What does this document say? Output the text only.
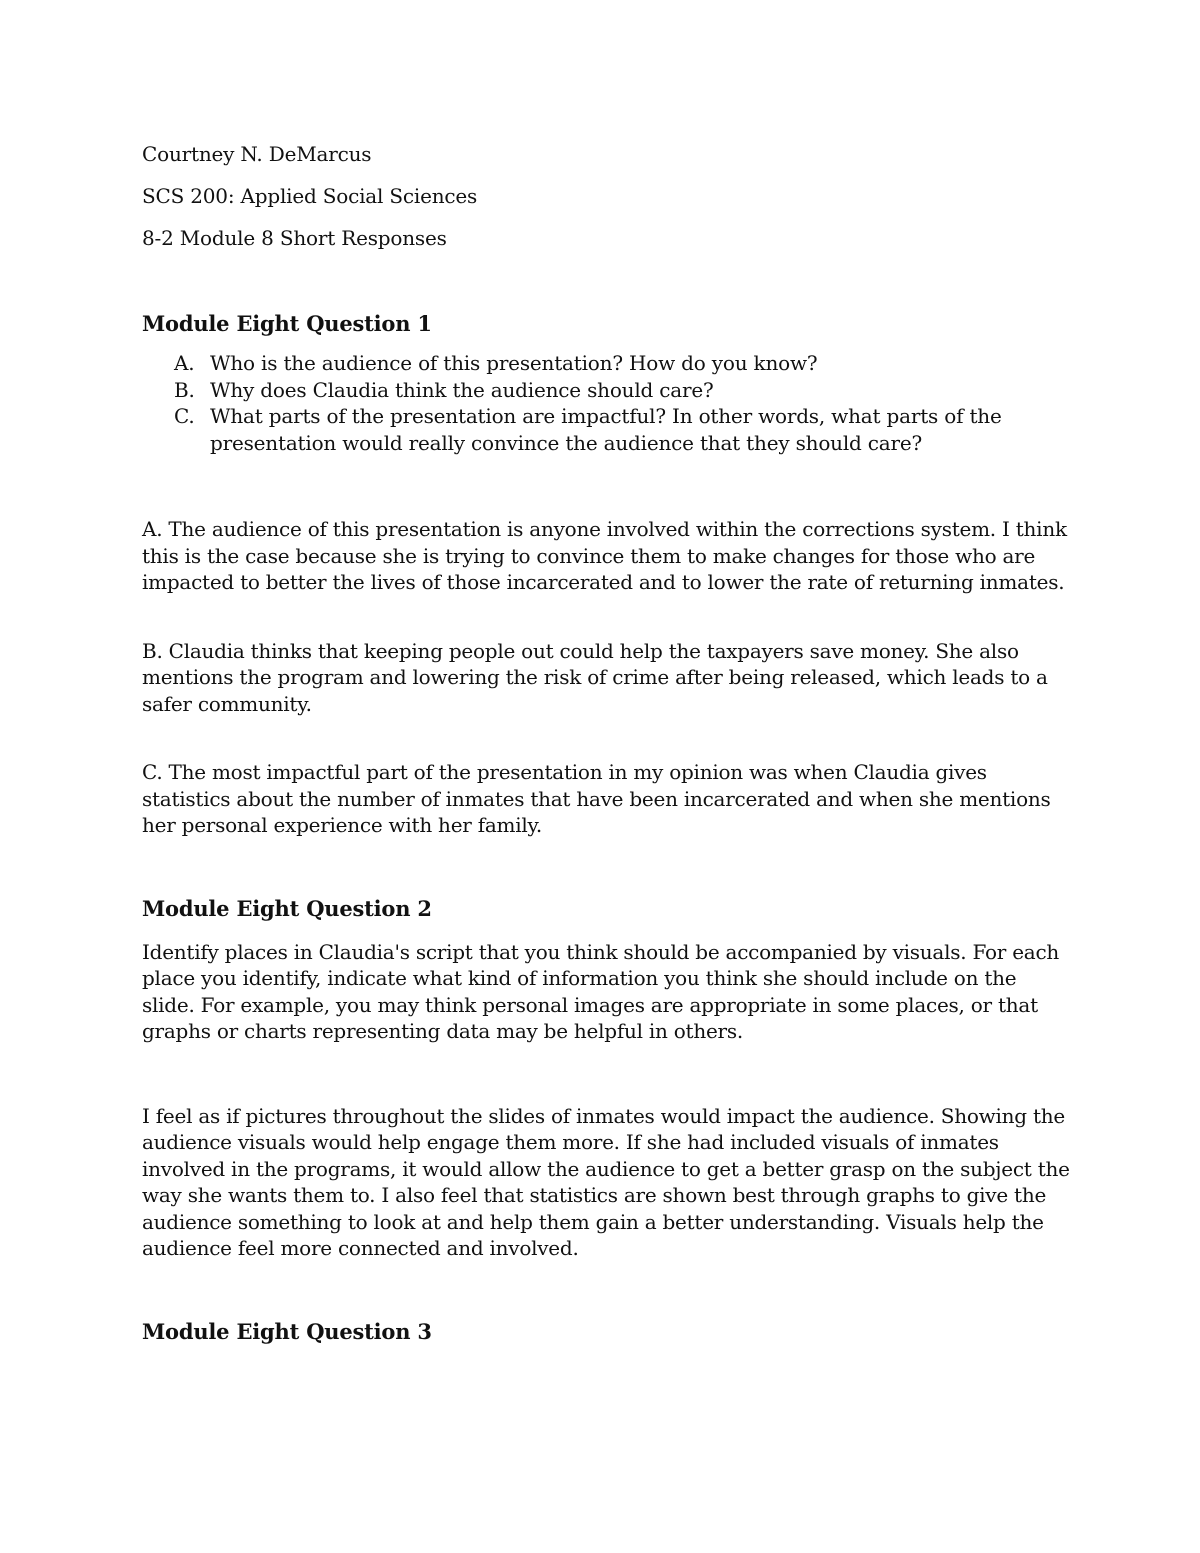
Courtney N. DeMarcus

SCS 200: Applied Social Sciences

8-2 Module 8 Short Responses

Module Eight Question 1
A. Who is the audience of this presentation? How do you know?
B. Why does Claudia think the audience should care?
C. What parts of the presentation are impactful? In other words, what parts of the presentation would really convince the audience that they should care?

A. The audience of this presentation is anyone involved within the corrections system. I think this is the case because she is trying to convince them to make changes for those who are impacted to better the lives of those incarcerated and to lower the rate of returning inmates.

B. Claudia thinks that keeping people out could help the taxpayers save money. She also mentions the program and lowering the risk of crime after being released, which leads to a safer community.

C. The most impactful part of the presentation in my opinion was when Claudia gives statistics about the number of inmates that have been incarcerated and when she mentions her personal experience with her family.

Module Eight Question 2

Identify places in Claudia's script that you think should be accompanied by visuals. For each place you identify, indicate what kind of information you think she should include on the slide. For example, you may think personal images are appropriate in some places, or that graphs or charts representing data may be helpful in others.

I feel as if pictures throughout the slides of inmates would impact the audience. Showing the audience visuals would help engage them more. If she had included visuals of inmates involved in the programs, it would allow the audience to get a better grasp on the subject the way she wants them to. I also feel that statistics are shown best through graphs to give the audience something to look at and help them gain a better understanding. Visuals help the audience feel more connected and involved.

Module Eight Question 3
